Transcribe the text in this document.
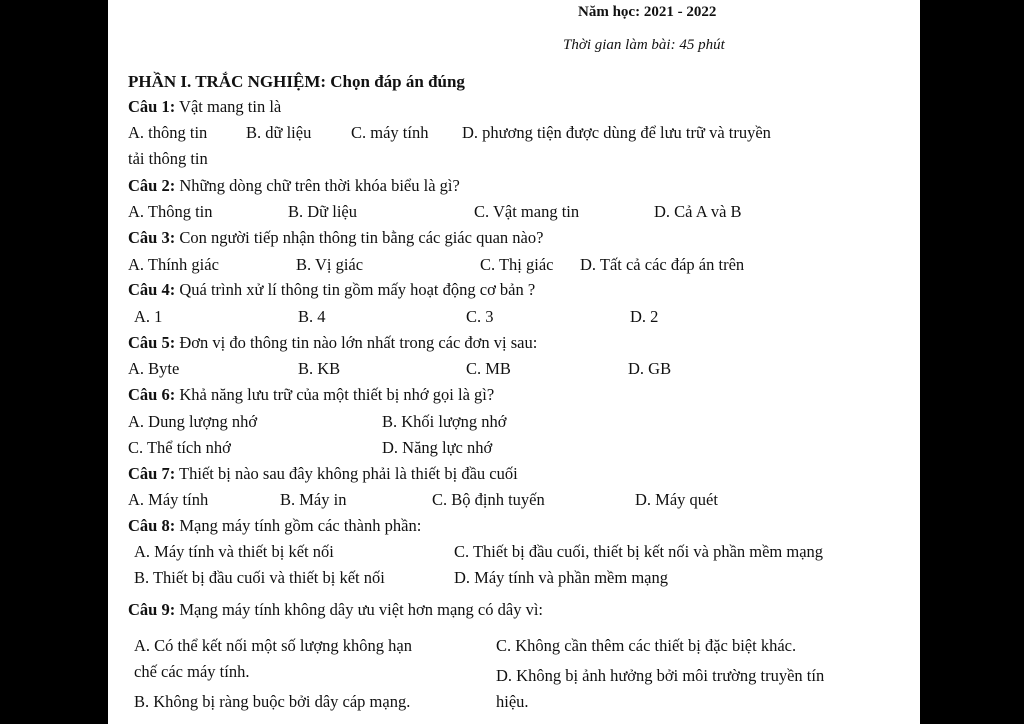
Năm học: 2021 - 2022
Thời gian làm bài: 45 phút
PHẦN I. TRẮC NGHIỆM: Chọn đáp án đúng
Câu 1: Vật mang tin là
A. thông tin B. dữ liệu C. máy tính D. phương tiện được dùng để lưu trữ và truyền
tải thông tin
Câu 2: Những dòng chữ trên thời khóa biểu là gì?
A. Thông tin	B. Dữ liệu	C. Vật mang tin	D. Cả A và B
Câu 3: Con người tiếp nhận thông tin bằng các giác quan nào?
A. Thính giác	B. Vị giác	C. Thị giác D. Tất cả các đáp án trên
Câu 4: Quá trình xử lí thông tin gồm mấy hoạt động cơ bản ?
A. 1	B. 4	C. 3	D. 2
Câu 5: Đơn vị đo thông tin nào lớn nhất trong các đơn vị sau:
A. Byte	B. KB	C. MB	D. GB
Câu 6: Khả năng lưu trữ của một thiết bị nhớ gọi là gì?
A. Dung lượng nhớ	B. Khối lượng nhớ
C. Thể tích nhớ	D. Năng lực nhớ
Câu 7: Thiết bị nào sau đây không phải là thiết bị đầu cuối
A. Máy tính	B. Máy in	C. Bộ định tuyến	D. Máy quét
Câu 8: Mạng máy tính gồm các thành phần:
A. Máy tính và thiết bị kết nối	C. Thiết bị đầu cuối, thiết bị kết nối và phần mềm mạng
B. Thiết bị đầu cuối và thiết bị kết nối	D. Máy tính và phần mềm mạng
Câu 9: Mạng máy tính không dây ưu việt hơn mạng có dây vì:
A. Có thể kết nối một số lượng không hạn
chế các máy tính.
B. Không bị ràng buộc bởi dây cáp mạng.
C. Không cần thêm các thiết bị đặc biệt khác.
D. Không bị ảnh hưởng bởi môi trường truyền tín
hiệu.
